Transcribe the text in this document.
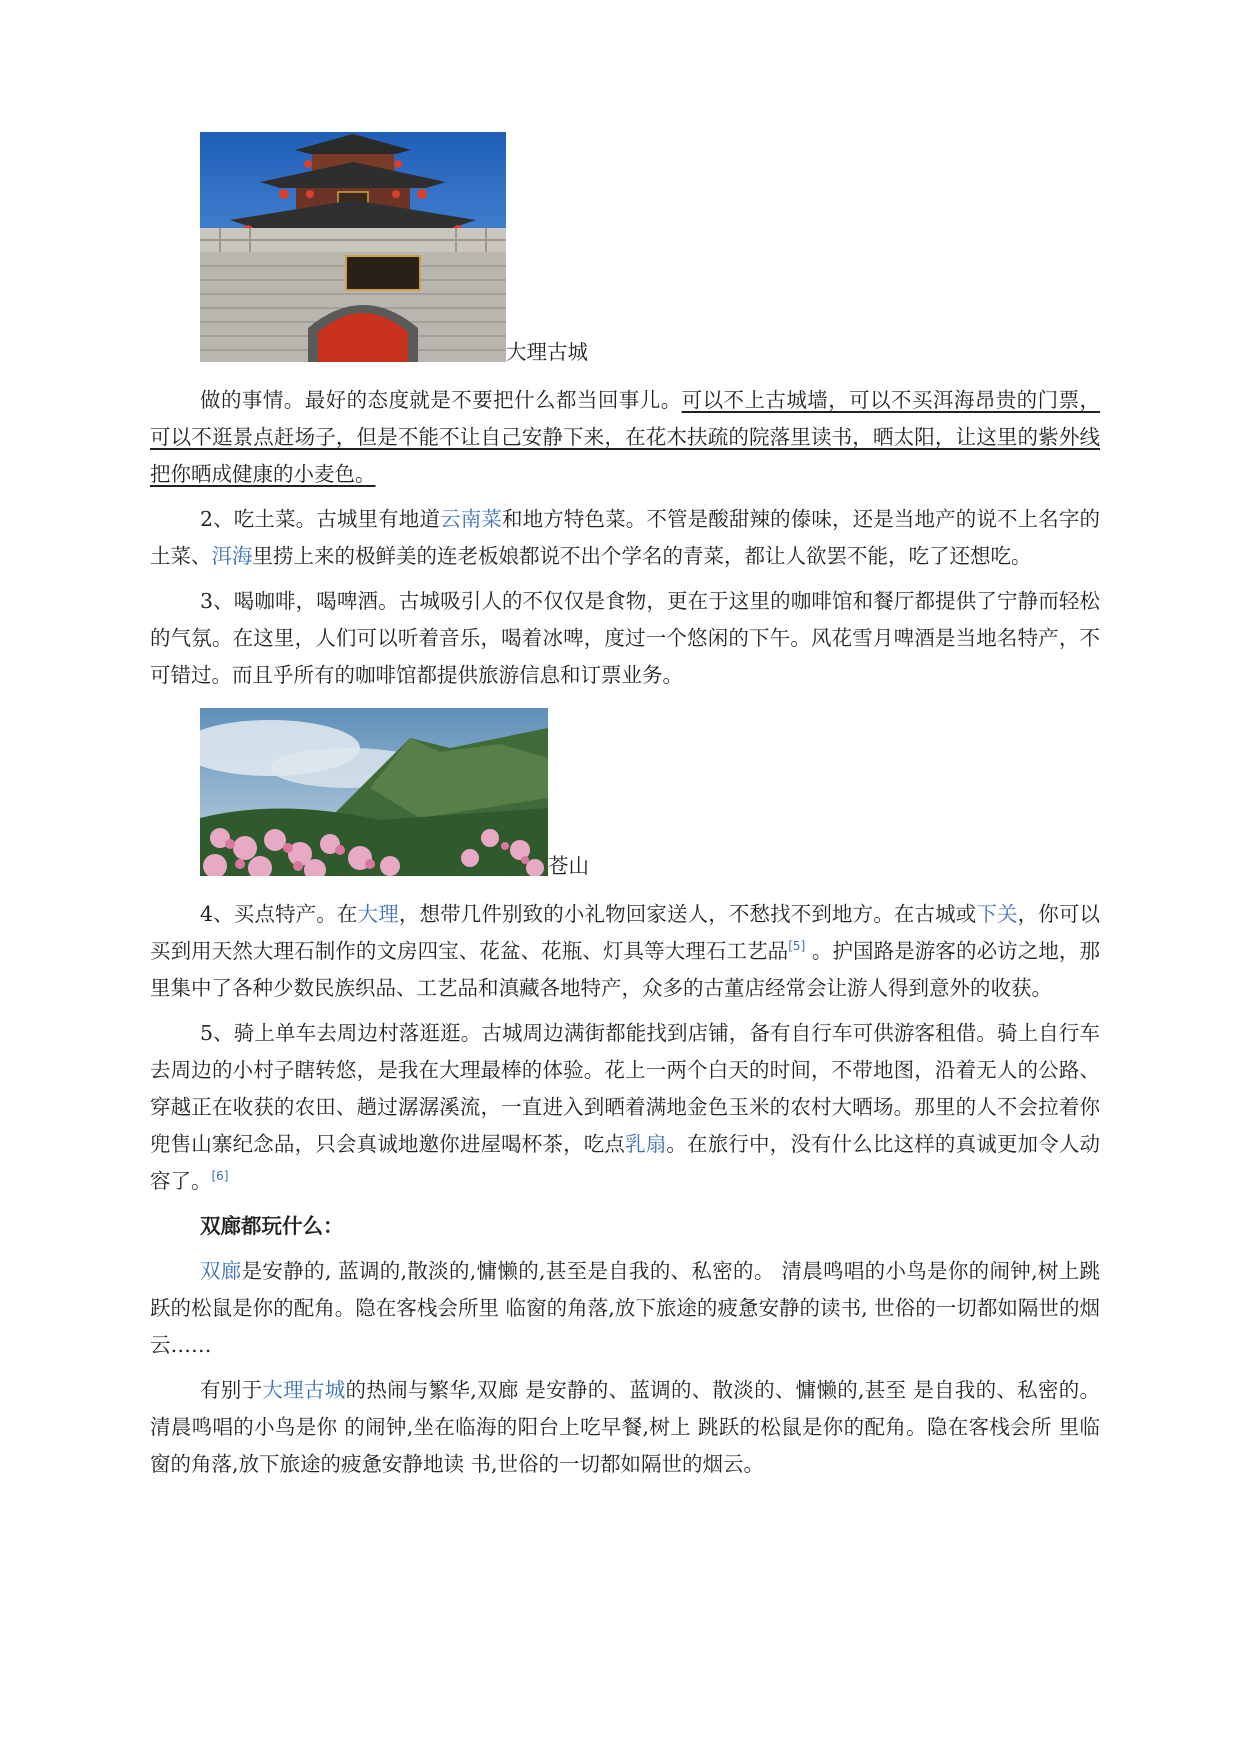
大理古城

做的事情。最好的态度就是不要把什么都当回事儿。可以不上古城墙，可以不买洱海昂贵的门票，可以不逛景点赶场子，但是不能不让自己安静下来，在花木扶疏的院落里读书，晒太阳，让这里的紫外线把你晒成健康的小麦色。

2、吃土菜。古城里有地道云南菜和地方特色菜。不管是酸甜辣的傣味，还是当地产的说不上名字的土菜、洱海里捞上来的极鲜美的连老板娘都说不出个学名的青菜，都让人欲罢不能，吃了还想吃。

3、喝咖啡，喝啤酒。古城吸引人的不仅仅是食物，更在于这里的咖啡馆和餐厅都提供了宁静而轻松的气氛。在这里，人们可以听着音乐，喝着冰啤，度过一个悠闲的下午。风花雪月啤酒是当地名特产，不可错过。而且乎所有的咖啡馆都提供旅游信息和订票业务。

苍山

4、买点特产。在大理，想带几件别致的小礼物回家送人，不愁找不到地方。在古城或下关，你可以买到用天然大理石制作的文房四宝、花盆、花瓶、灯具等大理石工艺品[5] 。护国路是游客的必访之地，那里集中了各种少数民族织品、工艺品和滇藏各地特产，众多的古董店经常会让游人得到意外的收获。

5、骑上单车去周边村落逛逛。古城周边满街都能找到店铺，备有自行车可供游客租借。骑上自行车去周边的小村子瞎转悠，是我在大理最棒的体验。花上一两个白天的时间，不带地图，沿着无人的公路、穿越正在收获的农田、趟过潺潺溪流，一直进入到晒着满地金色玉米的农村大晒场。那里的人不会拉着你兜售山寨纪念品，只会真诚地邀你进屋喝杯茶，吃点乳扇。在旅行中，没有什么比这样的真诚更加令人动容了。[6]

双廊都玩什么：

双廊是安静的, 蓝调的,散淡的,慵懒的,甚至是自我的、私密的。 清晨鸣唱的小鸟是你的闹钟,树上跳跃的松鼠是你的配角。隐在客栈会所里 临窗的角落,放下旅途的疲惫安静的读书, 世俗的一切都如隔世的烟云……

有别于大理古城的热闹与繁华,双廊 是安静的、蓝调的、散淡的、慵懒的,甚至 是自我的、私密的。清晨鸣唱的小鸟是你 的闹钟,坐在临海的阳台上吃早餐,树上 跳跃的松鼠是你的配角。隐在客栈会所 里临窗的角落,放下旅途的疲惫安静地读 书,世俗的一切都如隔世的烟云。
